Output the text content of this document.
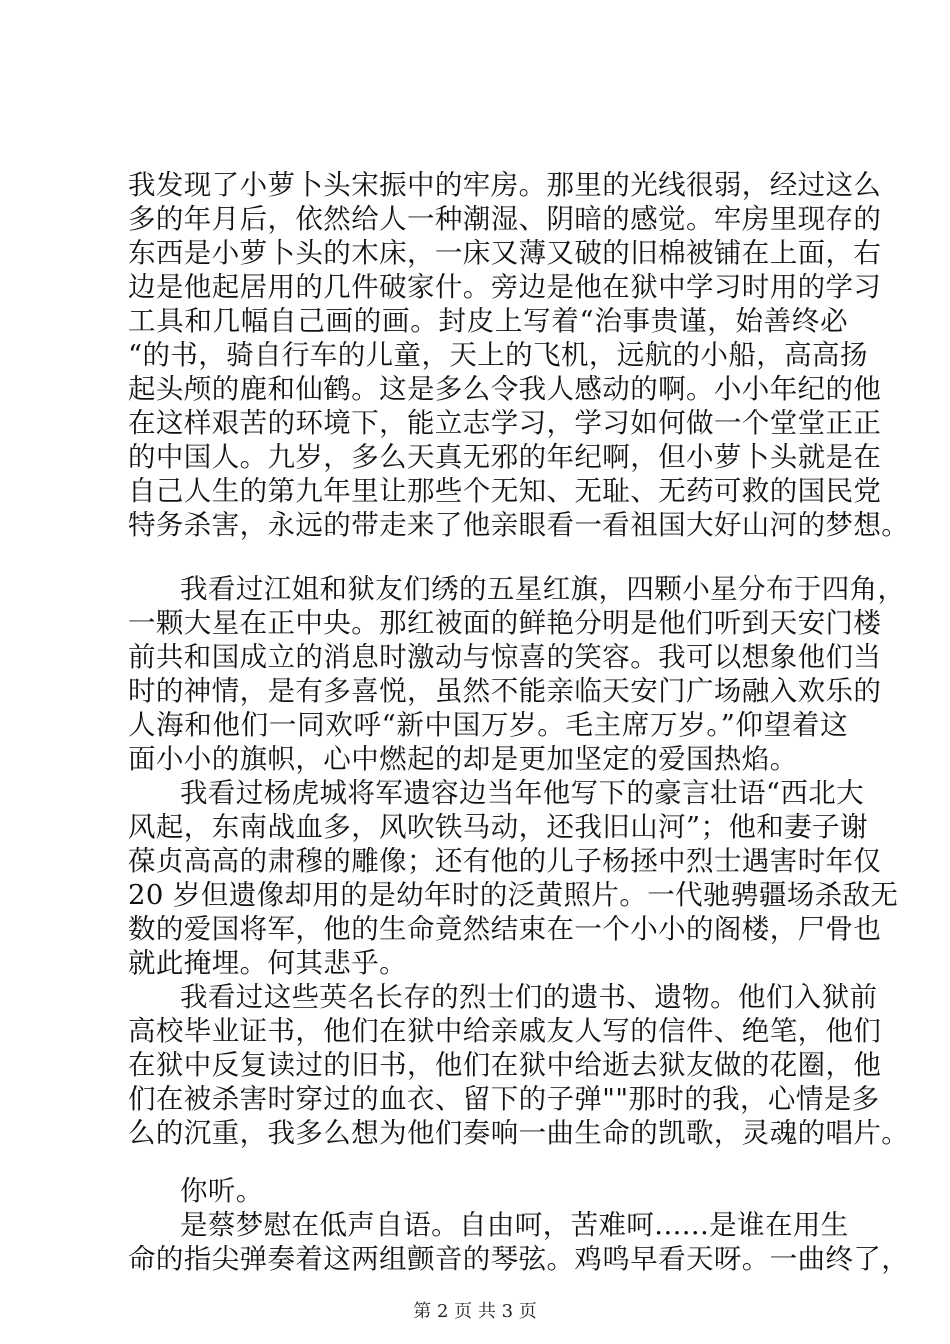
我发现了小萝卜头宋振中的牢房。那里的光线很弱，经过这么
多的年月后，依然给人一种潮湿、阴暗的感觉。牢房里现存的
东西是小萝卜头的木床，一床又薄又破的旧棉被铺在上面，右
边是他起居用的几件破家什。旁边是他在狱中学习时用的学习
工具和几幅自己画的画。封皮上写着“治事贵谨，始善终必
“的书，骑自行车的儿童，天上的飞机，远航的小船，高高扬
起头颅的鹿和仙鹤。这是多么令我人感动的啊。小小年纪的他
在这样艰苦的环境下，能立志学习，学习如何做一个堂堂正正
的中国人。九岁，多么天真无邪的年纪啊，但小萝卜头就是在
自己人生的第九年里让那些个无知、无耻、无药可救的国民党
特务杀害，永远的带走来了他亲眼看一看祖国大好山河的梦想。
我看过江姐和狱友们绣的五星红旗，四颗小星分布于四角，
一颗大星在正中央。那红被面的鲜艳分明是他们听到天安门楼
前共和国成立的消息时激动与惊喜的笑容。我可以想象他们当
时的神情，是有多喜悦，虽然不能亲临天安门广场融入欢乐的
人海和他们一同欢呼“新中国万岁。毛主席万岁。”仰望着这
面小小的旗帜，心中燃起的却是更加坚定的爱国热焰。
我看过杨虎城将军遗容边当年他写下的豪言壮语“西北大
风起，东南战血多，风吹铁马动，还我旧山河”；他和妻子谢
葆贞高高的肃穆的雕像；还有他的儿子杨拯中烈士遇害时年仅
20 岁但遗像却用的是幼年时的泛黄照片。一代驰骋疆场杀敌无
数的爱国将军，他的生命竟然结束在一个小小的阁楼，尸骨也
就此掩埋。何其悲乎。
我看过这些英名长存的烈士们的遗书、遗物。他们入狱前
高校毕业证书，他们在狱中给亲戚友人写的信件、绝笔，他们
在狱中反复读过的旧书，他们在狱中给逝去狱友做的花圈，他
们在被杀害时穿过的血衣、留下的子弹""那时的我，心情是多
么的沉重，我多么想为他们奏响一曲生命的凯歌，灵魂的唱片。
你听。
是蔡梦慰在低声自语。自由呵，苦难呵......是谁在用生
命的指尖弹奏着这两组颤音的琴弦。鸡鸣早看天呀。一曲终了，
第 2 页 共 3 页
